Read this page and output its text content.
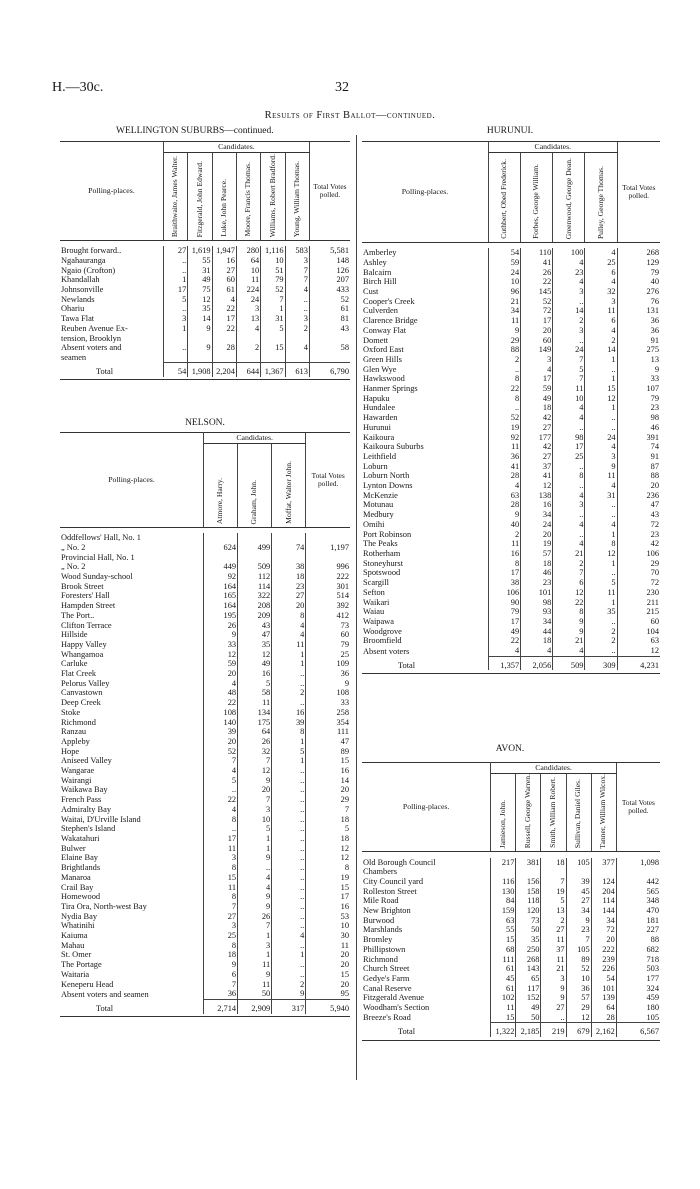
H.—30c.	32
Results of First Ballot—continued.
WELLINGTON SUBURBS—continued.
Polling-places.	Candidates.						Total Votes polled.
	Braithwaite, James Walter.	Fitzgerald, John Edward.	Luke, John Pearce.	Moore, Francis Thomas.	Williams, Robert Bradford.	Young, William Thomas.	

Brought forward..	27	1,619	1,947	280	1,116	583	5,581
Ngahauranga	..	55	16	64	10	3	148
Ngaio (Crofton)	..	31	27	10	51	7	126
Khandallah	1	49	60	11	79	7	207
Johnsonville	17	75	61	224	52	4	433
Newlands	5	12	4	24	7	..	52
Ohariu	..	35	22	3	1	..	61
Tawa Flat	3	14	17	13	31	3	81
Reuben Avenue Ex-	1	9	22	4	5	2	43
tension, Brooklyn							
Absent voters and	..	9	28	2	15	4	58
seamen							
Total	54	1,908	2,204	644	1,367	613	6,790

NELSON.
Polling-places.	Candidates.			Total Votes polled.
	Atmore, Harry.	Graham, John.	Moffat, Walter John.	

Oddfellows' Hall, No. 1				
„ No. 2	624	499	74	1,197
Provincial Hall, No. 1				
„ No. 2	449	509	38	996
Wood Sunday-school	92	112	18	222
Brook Street	164	114	23	301
Foresters' Hall	165	322	27	514
Hampden Street	164	208	20	392
The Port..	195	209	8	412
Clifton Terrace	26	43	4	73
Hillside	9	47	4	60
Happy Valley	33	35	11	79
Whangamoa	12	12	1	25
Carluke	59	49	1	109
Flat Creek	20	16	..	36
Pelorus Valley	4	5	..	9
Canvastown	48	58	2	108
Deep Creek	22	11	..	33
Stoke	108	134	16	258
Richmond	140	175	39	354
Ranzau	39	64	8	111
Appleby	20	26	1	47
Hope	52	32	5	89
Aniseed Valley	7	7	1	15
Wangarae	4	12	..	16
Wairangi	5	9	..	14
Waikawa Bay	..	20	..	20
French Pass	22	7	..	29
Admiralty Bay	4	3	..	7
Waitai, D'Urville Island	8	10	..	18
Stephen's Island	..	5	..	5
Wakatahuri	17	1	..	18
Bulwer	11	1	..	12
Elaine Bay	3	9	..	12
Brightlands	8	..	..	8
Manaroa	15	4	..	19
Crail Bay	11	4	..	15
Homewood	8	9	..	17
Tira Ora, North-west Bay	7	9	..	16
Nydia Bay	27	26	..	53
Whatinihi	3	7	..	10
Kaiuma	25	1	4	30
Mahau	8	3	..	11
St. Omer	18	1	1	20
The Portage	9	11	..	20
Waitaria	6	9	..	15
Keneperu Head	7	11	2	20
Absent voters and seamen	36	50	9	95
Total	2,714	2,909	317	5,940

HURUNUI.
Polling-places.	Candidates.				Total Votes polled.
	Cuthbert, Obed Frederick.	Forbes, George William.	Greenwood, George Dean.	Pulley, George Thomas.	

Amberley	54	110	100	4	268
Ashley	59	41	4	25	129
Balcairn	24	26	23	6	79
Birch Hill	10	22	4	4	40
Cust	96	145	3	32	276
Cooper's Creek	21	52	..	3	76
Culverden	34	72	14	11	131
Clarence Bridge	11	17	2	6	36
Conway Flat	9	20	3	4	36
Domett	29	60	..	2	91
Oxford East	88	149	24	14	275
Green Hills	2	3	7	1	13
Glen Wye	..	4	5	..	9
Hawkswood	8	17	7	1	33
Hanmer Springs	22	59	11	15	107
Hapuku	8	49	10	12	79
Hundalee	..	18	4	1	23
Hawarden	52	42	4	..	98
Hurunui	19	27	..	..	46
Kaikoura	92	177	98	24	391
Kaikoura Suburbs	11	42	17	4	74
Leithfield	36	27	25	3	91
Loburn	41	37	..	9	87
Loburn North	28	41	8	11	88
Lynton Downs	4	12	..	4	20
McKenzie	63	138	4	31	236
Motunau	28	16	3	..	47
Medbury	9	34	..	..	43
Omihi	40	24	4	4	72
Port Robinson	2	20	..	1	23
The Peaks	11	19	4	8	42
Rotherham	16	57	21	12	106
Stoneyhurst	8	18	2	1	29
Spotswood	17	46	7	..	70
Scargill	38	23	6	5	72
Sefton	106	101	12	11	230
Waikari	90	98	22	1	211
Waiau	79	93	8	35	215
Waipawa	17	34	9	..	60
Woodgrove	49	44	9	2	104
Broomfield	22	18	21	2	63
Absent voters	4	4	4	..	12
Total	1,357	2,056	509	309	4,231

AVON.
Polling-places.	Candidates.					Total Votes polled.
	Jamieson, John.	Russell, George Warren.	Smith, William Robert.	Sullivan, Daniel Giles.	Tanner, William Wilcox.	

Old Borough Council	217	381	18	105	377	1,098
Chambers						
City Council yard	116	156	7	39	124	442
Rolleston Street	130	158	19	45	204	565
Mile Road	84	118	5	27	114	348
New Brighton	159	120	13	34	144	470
Burwood	63	73	2	9	34	181
Marshlands	55	50	27	23	72	227
Bromley	15	35	11	7	20	88
Phillipstown	68	250	37	105	222	682
Richmond	111	268	11	89	239	718
Church Street	61	143	21	52	226	503
Gedye's Farm	45	65	3	10	54	177
Canal Reserve	61	117	9	36	101	324
Fitzgerald Avenue	102	152	9	57	139	459
Woodham's Section	11	49	27	29	64	180
Breeze's Road	15	50	..	12	28	105
Total	1,322	2,185	219	679	2,162	6,567
